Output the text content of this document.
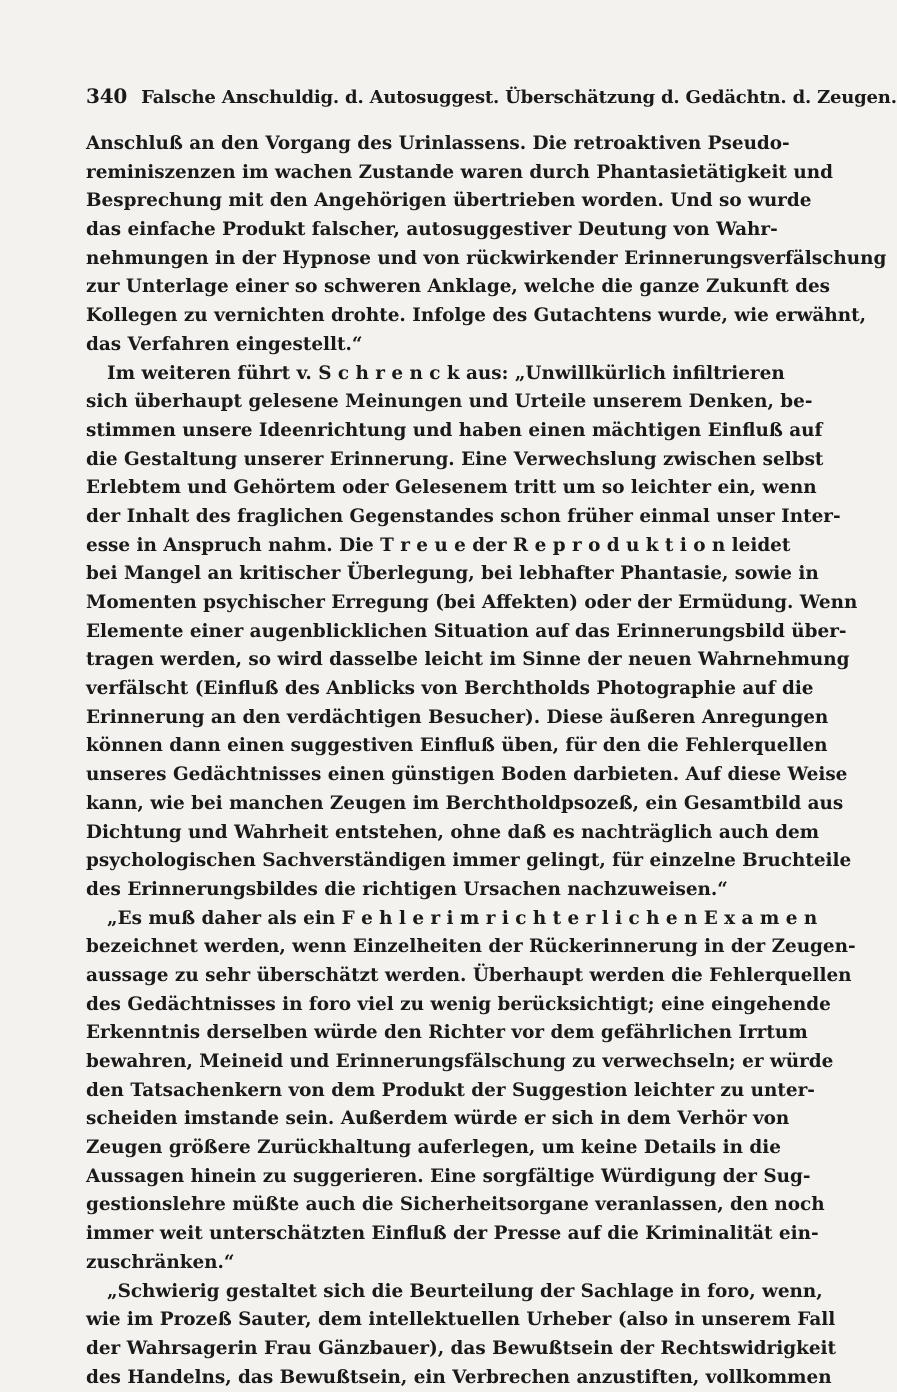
340 Falsche Anschuldig. d. Autosuggest. Überschätzung d. Gedächtn. d. Zeugen.
Anschluß an den Vorgang des Urinlassens. Die retroaktiven Pseudo-
reminiszenzen im wachen Zustande waren durch Phantasietätigkeit und
Besprechung mit den Angehörigen übertrieben worden. Und so wurde
das einfache Produkt falscher, autosuggestiver Deutung von Wahr-
nehmungen in der Hypnose und von rückwirkender Erinnerungsverfälschung
zur Unterlage einer so schweren Anklage, welche die ganze Zukunft des
Kollegen zu vernichten drohte. Infolge des Gutachtens wurde, wie erwähnt,
das Verfahren eingestellt.“
Im weiteren führt v. S c h r e n c k aus: „Unwillkürlich infiltrieren
sich überhaupt gelesene Meinungen und Urteile unserem Denken, be-
stimmen unsere Ideenrichtung und haben einen mächtigen Einfluß auf
die Gestaltung unserer Erinnerung. Eine Verwechslung zwischen selbst
Erlebtem und Gehörtem oder Gelesenem tritt um so leichter ein, wenn
der Inhalt des fraglichen Gegenstandes schon früher einmal unser Inter-
esse in Anspruch nahm. Die T r e u e der R e p r o d u k t i o n leidet
bei Mangel an kritischer Überlegung, bei lebhafter Phantasie, sowie in
Momenten psychischer Erregung (bei Affekten) oder der Ermüdung. Wenn
Elemente einer augenblicklichen Situation auf das Erinnerungsbild über-
tragen werden, so wird dasselbe leicht im Sinne der neuen Wahrnehmung
verfälscht (Einfluß des Anblicks von Berchtholds Photographie auf die
Erinnerung an den verdächtigen Besucher). Diese äußeren Anregungen
können dann einen suggestiven Einfluß üben, für den die Fehlerquellen
unseres Gedächtnisses einen günstigen Boden darbieten. Auf diese Weise
kann, wie bei manchen Zeugen im Berchtholdpsozeß, ein Gesamtbild aus
Dichtung und Wahrheit entstehen, ohne daß es nachträglich auch dem
psychologischen Sachverständigen immer gelingt, für einzelne Bruchteile
des Erinnerungsbildes die richtigen Ursachen nachzuweisen.“
„Es muß daher als ein F e h l e r i m r i c h t e r l i c h e n E x a m e n
bezeichnet werden, wenn Einzelheiten der Rückerinnerung in der Zeugen-
aussage zu sehr überschätzt werden. Überhaupt werden die Fehlerquellen
des Gedächtnisses in foro viel zu wenig berücksichtigt; eine eingehende
Erkenntnis derselben würde den Richter vor dem gefährlichen Irrtum
bewahren, Meineid und Erinnerungsfälschung zu verwechseln; er würde
den Tatsachenkern von dem Produkt der Suggestion leichter zu unter-
scheiden imstande sein. Außerdem würde er sich in dem Verhör von
Zeugen größere Zurückhaltung auferlegen, um keine Details in die
Aussagen hinein zu suggerieren. Eine sorgfältige Würdigung der Sug-
gestionslehre müßte auch die Sicherheitsorgane veranlassen, den noch
immer weit unterschätzten Einfluß der Presse auf die Kriminalität ein-
zuschränken.“
„Schwierig gestaltet sich die Beurteilung der Sachlage in foro, wenn,
wie im Prozeß Sauter, dem intellektuellen Urheber (also in unserem Fall
der Wahrsagerin Frau Gänzbauer), das Bewußtsein der Rechtswidrigkeit
des Handelns, das Bewußtsein, ein Verbrechen anzustiften, vollkommen
